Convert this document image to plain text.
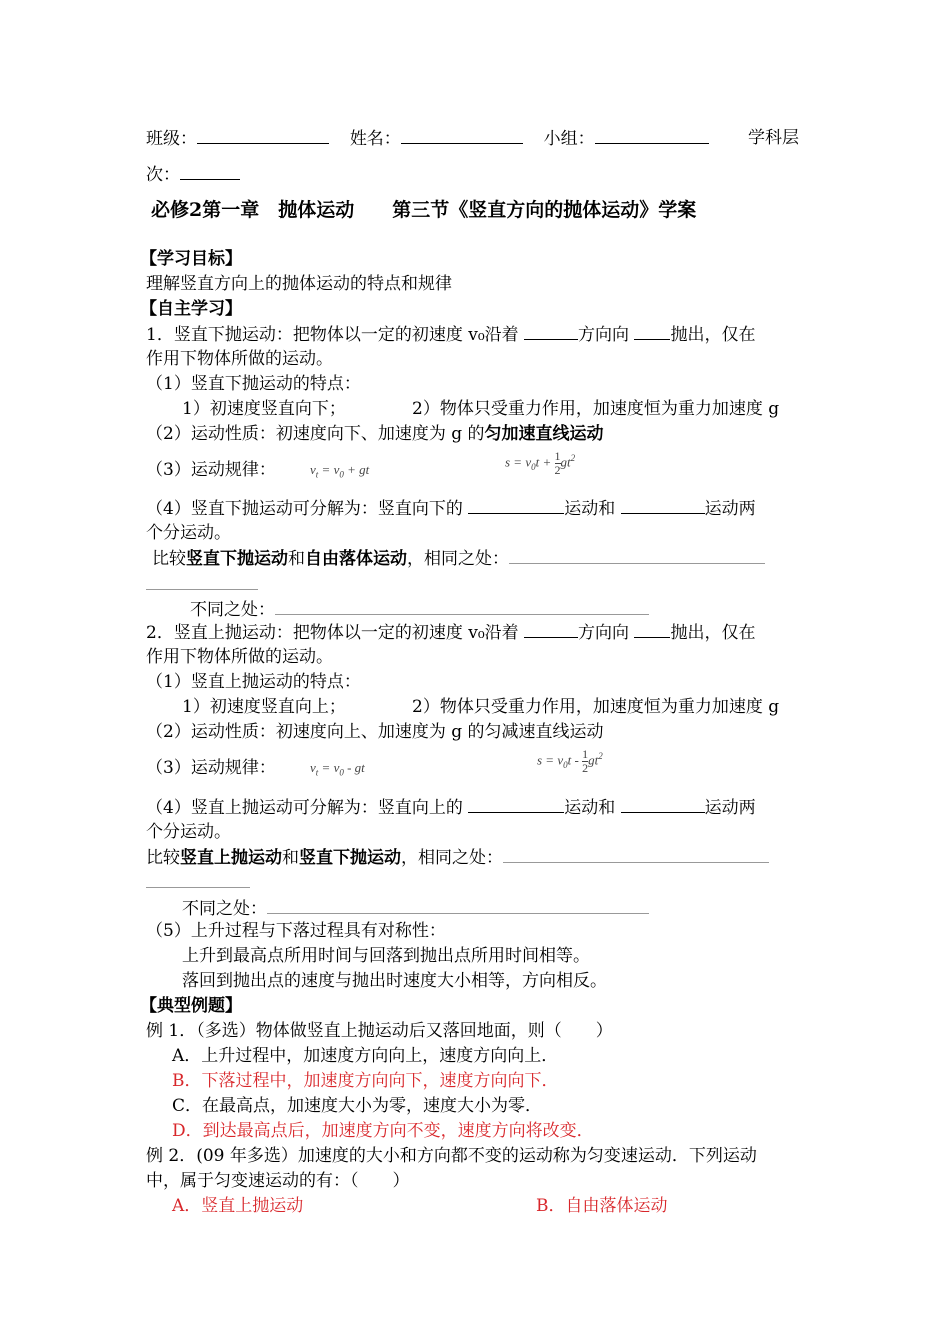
班级：	姓名：	小组：	学科层
次：
必修2第一章　抛体运动　　第三节《竖直方向的抛体运动》学案
【学习目标】
理解竖直方向上的抛体运动的特点和规律
【自主学习】
1．竖直下抛运动：把物体以一定的初速度 v₀沿着	方向向 抛出，仅在
作用下物体所做的运动。
（1）竖直下抛运动的特点：
1）初速度竖直向下；	2）物体只受重力作用，加速度恒为重力加速度 g
（2）运动性质：初速度向下、加速度为 g 的匀加速直线运动
（3）运动规律：	$v_t = v_0$ + gt
$s = v_0t + \frac{1}{2} gt^2$
（4）竖直下抛运动可分解为：竖直向下的	运动和	运动两
个分运动。
比较竖直下抛运动和自由落体运动，相同之处：
不同之处：
2．竖直上抛运动：把物体以一定的初速度 v₀沿着	方向向 抛出，仅在
作用下物体所做的运动。
（1）竖直上抛运动的特点：
1）初速度竖直向上；	2）物体只受重力作用，加速度恒为重力加速度 g
（2）运动性质：初速度向上、加速度为 g 的匀减速直线运动
（3）运动规律：	$v_t = v_0$ - gt
$s = v_0t - \frac{1}{2} gt^2$
（4）竖直上抛运动可分解为：竖直向上的	运动和	运动两
个分运动。
比较竖直上抛运动和竖直下抛运动，相同之处：
不同之处：
（5）上升过程与下落过程具有对称性：
上升到最高点所用时间与回落到抛出点所用时间相等。
落回到抛出点的速度与抛出时速度大小相等，方向相反。
【典型例题】
例 1．（多选）物体做竖直上抛运动后又落回地面，则（　　）
A．上升过程中，加速度方向向上，速度方向向上．
B．下落过程中，加速度方向向下，速度方向向下．
C．在最高点，加速度大小为零，速度大小为零．
D．到达最高点后，加速度方向不变，速度方向将改变．
例 2．(09 年多选）加速度的大小和方向都不变的运动称为匀变速运动．下列运动
中，属于匀变速运动的有：（　　）
A．竖直上抛运动	B．自由落体运动
